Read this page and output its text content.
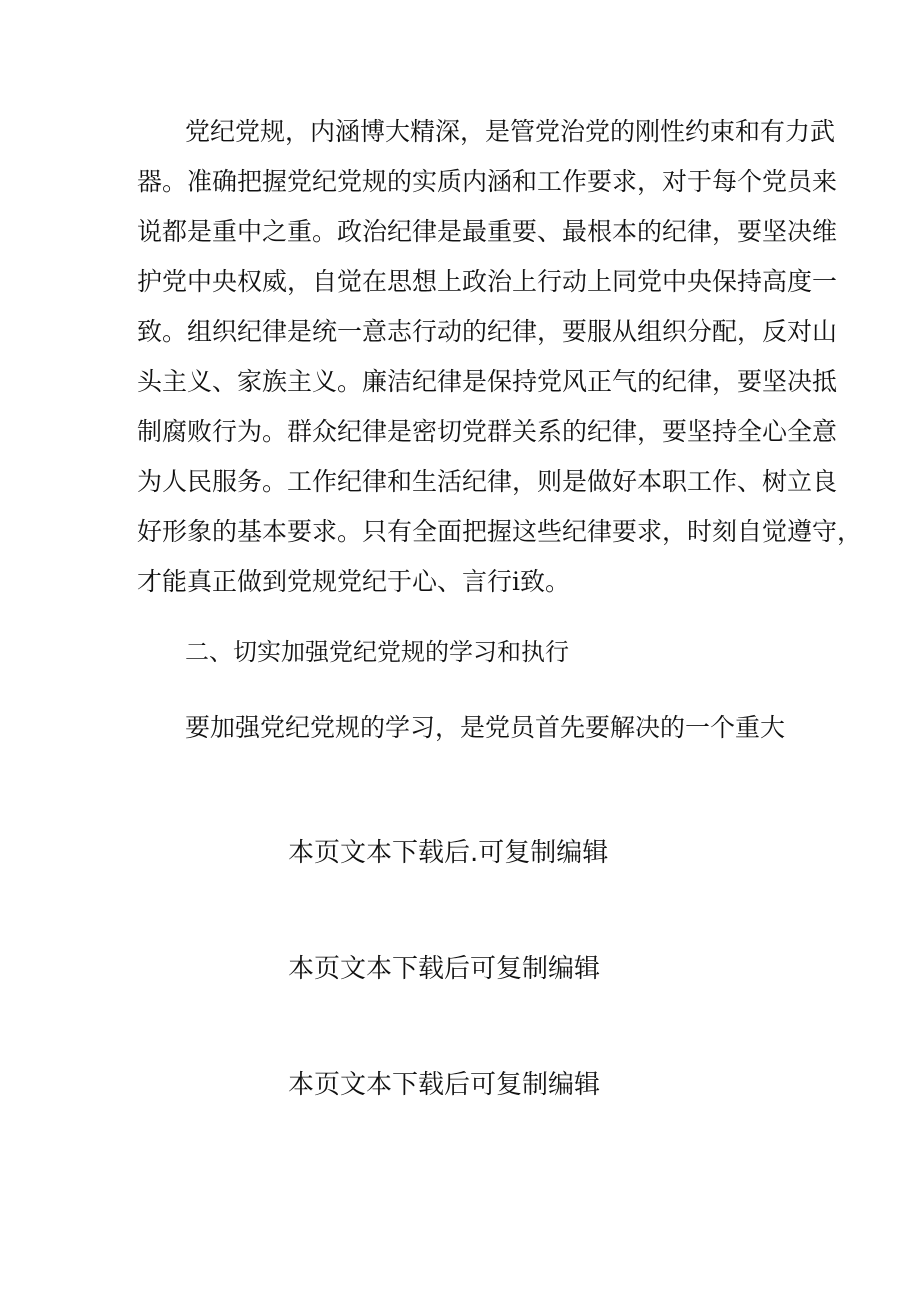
党纪党规，内涵博大精深，是管党治党的刚性约束和有力武
器。准确把握党纪党规的实质内涵和工作要求，对于每个党员来
说都是重中之重。政治纪律是最重要、最根本的纪律，要坚决维
护党中央权威，自觉在思想上政治上行动上同党中央保持高度一
致。组织纪律是统一意志行动的纪律，要服从组织分配，反对山
头主义、家族主义。廉洁纪律是保持党风正气的纪律，要坚决抵
制腐败行为。群众纪律是密切党群关系的纪律，要坚持全心全意
为人民服务。工作纪律和生活纪律，则是做好本职工作、树立良
好形象的基本要求。只有全面把握这些纪律要求，时刻自觉遵守，
才能真正做到党规党纪于心、言行i致。
二、切实加强党纪党规的学习和执行
要加强党纪党规的学习，是党员首先要解决的一个重大
本页文本下载后.可复制编辑
本页文本下载后可复制编辑
本页文本下载后可复制编辑
